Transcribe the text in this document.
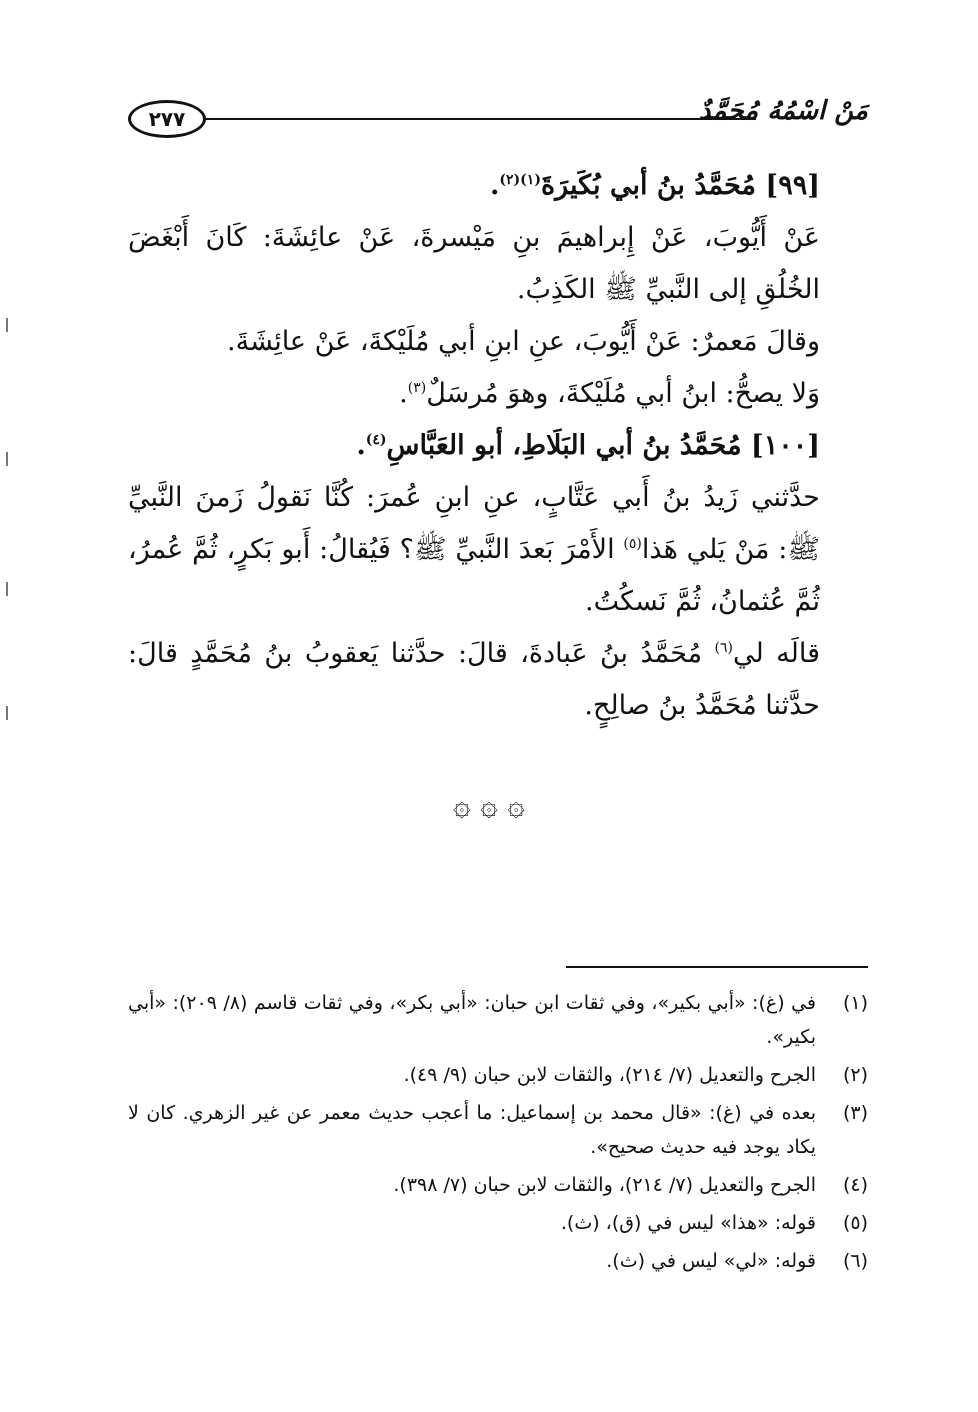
٢٧٧	مَنْ اسْمُهُ مُحَمَّدٌ

[٩٩] مُحَمَّدُ بنُ أبي بُكَيرَةَ$^{(١)(٢)}$.

عَنْ أَيُّوبَ، عَنْ إِبراهيمَ بنِ مَيْسرةَ، عَنْ عائِشَةَ: كَانَ أَبْغَضَ الخُلُقِ إلى النَّبيِّ ﷺ الكَذِبُ.

وقالَ مَعمرٌ: عَنْ أَيُّوبَ، عنِ ابنِ أبي مُلَيْكةَ، عَنْ عائِشَةَ.

وَلا يصحُّ: ابنُ أبي مُلَيْكةَ، وهوَ مُرسَلٌ$^{(٣)}$.

[١٠٠] مُحَمَّدُ بنُ أبي البَلَاطِ، أبو العَبَّاسِ$^{(٤)}$.

حدَّثني زَيدُ بنُ أَبي عَتَّابٍ، عنِ ابنِ عُمرَ: كُنَّا نَقولُ زَمنَ النَّبيِّ ﷺ: مَنْ يَلي هَذا$^{(٥)}$ الأَمْرَ بَعدَ النَّبيِّ ﷺ؟ فَيُقالُ: أَبو بَكرٍ، ثُمَّ عُمرُ، ثُمَّ عُثمانُ، ثُمَّ نَسكُتُ.

قالَه لي$^{(٦)}$ مُحَمَّدُ بنُ عَبادةَ، قالَ: حدَّثنا يَعقوبُ بنُ مُحَمَّدٍ قالَ: حدَّثنا مُحَمَّدُ بنُ صالِحٍ.

۞ ۞ ۞
(١)
في (غ): «أبي بكير»، وفي ثقات ابن حبان: «أبي بكر»، وفي ثقات قاسم (٨/ ٢٠٩): «أبي بكير».
(٢)
الجرح والتعديل (٧/ ٢١٤)، والثقات لابن حبان (٩/ ٤٩).
(٣)
بعده في (غ): «قال محمد بن إسماعيل: ما أعجب حديث معمر عن غير الزهري. كان لا يكاد يوجد فيه حديث صحيح».
(٤)
الجرح والتعديل (٧/ ٢١٤)، والثقات لابن حبان (٧/ ٣٩٨).
(٥)
قوله: «هذا» ليس في (ق)، (ث).
(٦)
قوله: «لي» ليس في (ث).
